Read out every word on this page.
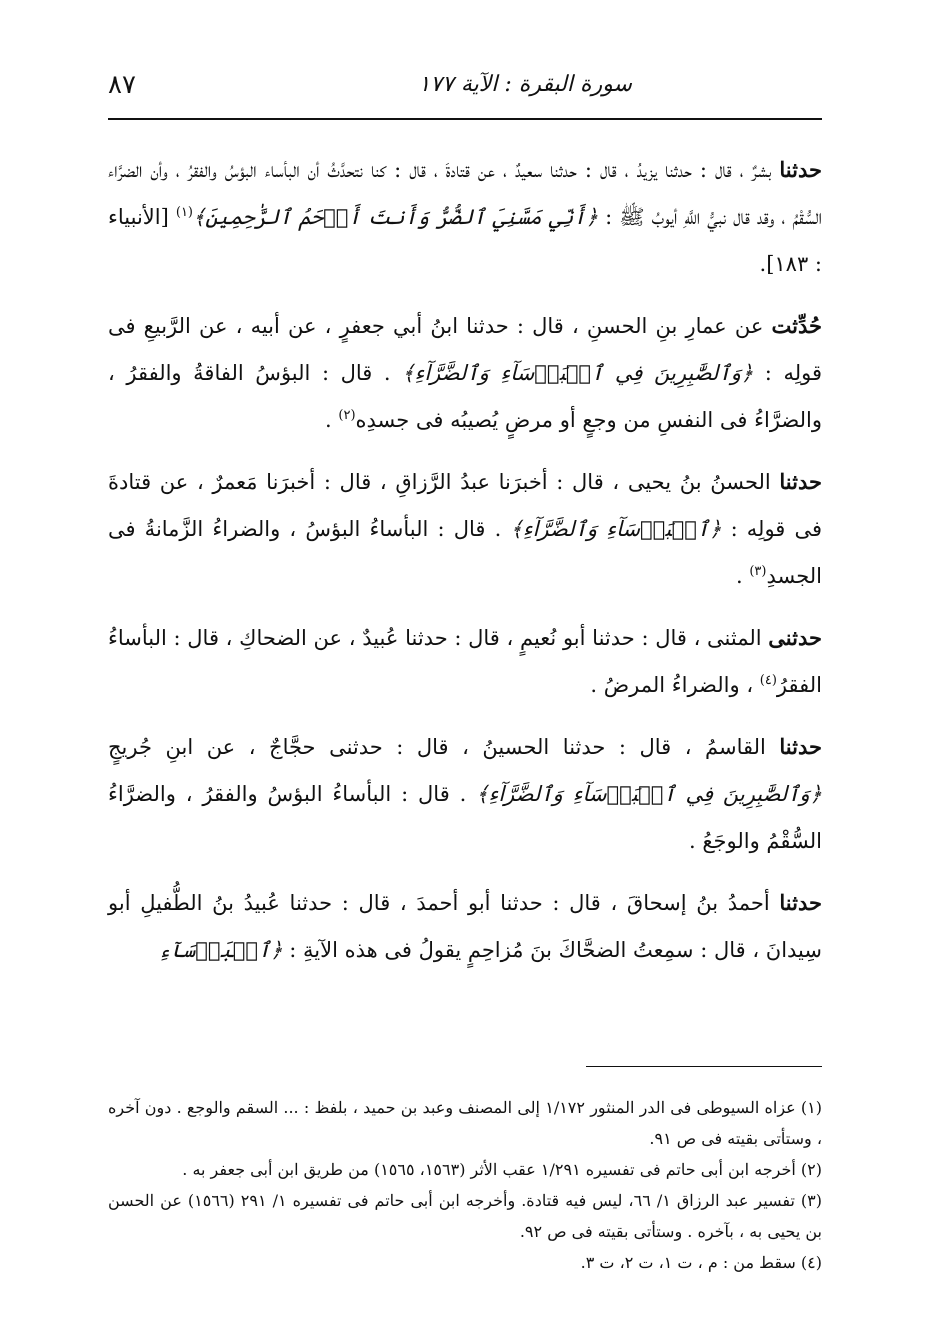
٨٧	سورة البقرة : الآية ١٧٧

حدثنا بشرٌ ، قال : حدثنا يزيدُ ، قال : حدثنا سعيدٌ ، عن قتادةَ ، قال : كنا نتحدَّثُ أن البأساء البؤسُ والفقرُ ، وأن الضرَّاء السُّقْمُ ، وقد قال نبيُّ اللَّهِ أيوبُ ﷺ : ﴿أَنِّي مَسَّنِيَ ٱلضُّرُّ وَأَنتَ أَرۡحَمُ ٱلرَّٰحِمِينَ﴾$^{(١)}$ [الأنبياء : ١٨٣].

حُدِّثت عن عمارِ بنِ الحسنِ ، قال : حدثنا ابنُ أبي جعفرٍ ، عن أبيه ، عن الرَّبيعِ فى قولِه : ﴿وَٱلصَّٰبِرِينَ فِي ٱلۡبَأۡسَآءِ وَٱلضَّرَّآءِ﴾ . قال : البؤسُ الفاقةُ والفقرُ ، والضرَّاءُ فى النفسِ من وجعٍ أو مرضٍ يُصيبُه فى جسدِه$^{(٢)}$ .

حدثنا الحسنُ بنُ يحيى ، قال : أخبرَنا عبدُ الرَّزاقِ ، قال : أخبرَنا مَعمرٌ ، عن قتادةَ فى قولِه : ﴿ٱلۡبَأۡسَآءِ وَٱلضَّرَّآءِ﴾ . قال : البأساءُ البؤسُ ، والضراءُ الزَّمانةُ فى الجسدِ$^{(٣)}$ .

حدثنى المثنى ، قال : حدثنا أبو نُعيمٍ ، قال : حدثنا عُبيدٌ ، عن الضحاكِ ، قال : البأساءُ الفقرُ$^{(٤)}$ ، والضراءُ المرضُ .

حدثنا القاسمُ ، قال : حدثنا الحسينُ ، قال : حدثنى حجَّاجٌ ، عن ابنِ جُريجٍ ﴿وَٱلصَّٰبِرِينَ فِي ٱلۡبَأۡسَآءِ وَٱلضَّرَّآءِ﴾ . قال : البأساءُ البؤسُ والفقرُ ، والضرَّاءُ السُّقْمُ والوجَعُ .

حدثنا أحمدُ بنُ إسحاقَ ، قال : حدثنا أبو أحمدَ ، قال : حدثنا عُبيدُ بنُ الطُّفيلِ أبو سِيدانَ ، قال : سمِعتُ الضحَّاكَ بنَ مُزاحِمٍ يقولُ فى هذه الآيةِ : ﴿ٱلۡبَأۡسَآءِ

(١) عزاه السيوطى فى الدر المنثور ١/١٧٢ إلى المصنف وعبد بن حميد ، بلفظ : ... السقم والوجع . دون آخره ، وستأتى بقيته فى ص ٩١.

(٢) أخرجه ابن أبى حاتم فى تفسيره ١/٢٩١ عقب الأثر (١٥٦٣، ١٥٦٥) من طريق ابن أبى جعفر به .

(٣) تفسير عبد الرزاق ١/ ٦٦، ليس فيه قتادة. وأخرجه ابن أبى حاتم فى تفسيره ١/ ٢٩١ (١٥٦٦) عن الحسن بن يحيى به ، بآخره . وستأتى بقيته فى ص ٩٢.

(٤) سقط من : م ، ت ١، ت ٢، ت ٣.
